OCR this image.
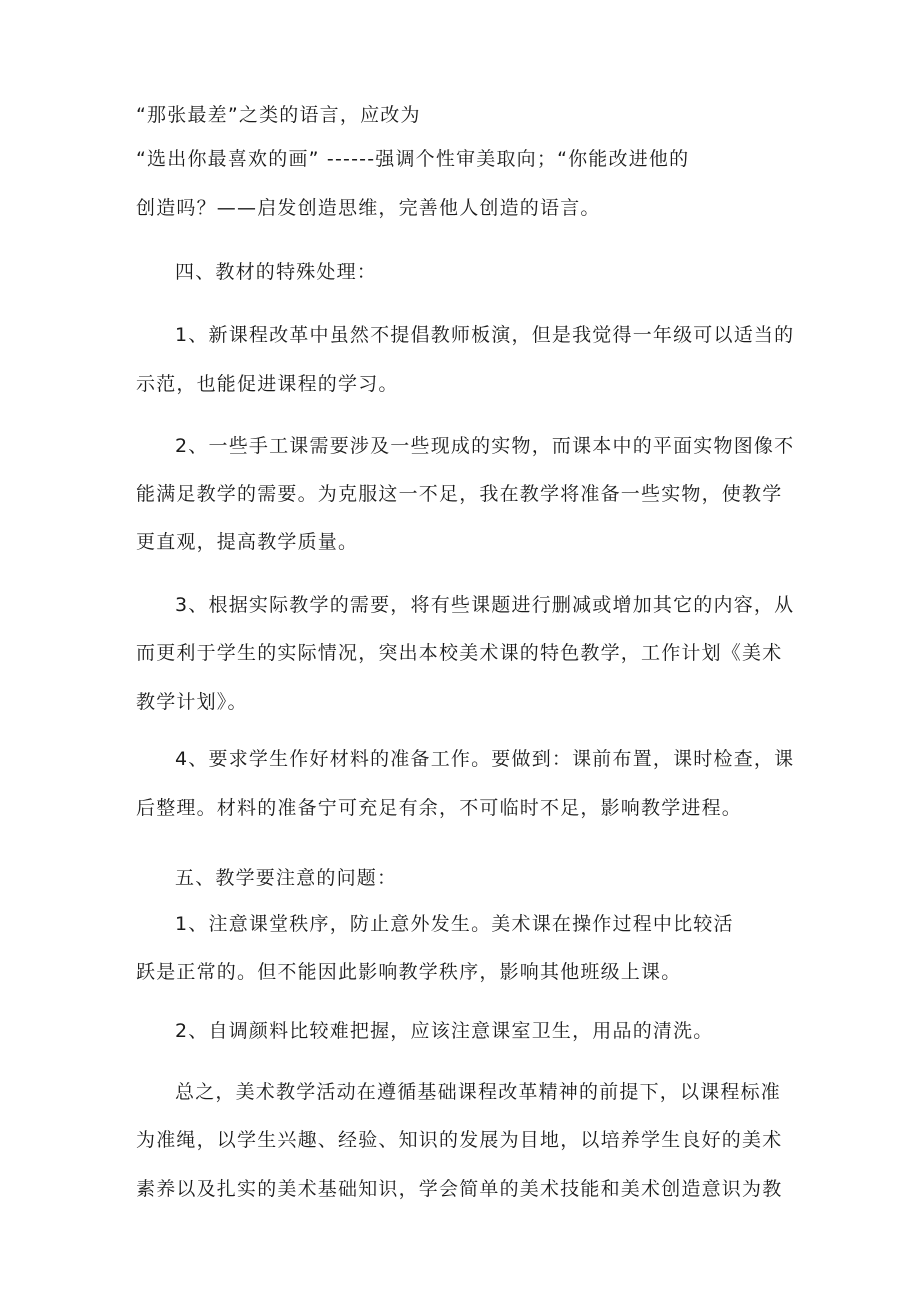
“那张最差”之类的语言，应改为
“选出你最喜欢的画” ------强调个性审美取向；“你能改进他的
创造吗？——启发创造思维，完善他人创造的语言。
四、教材的特殊处理：
1、新课程改革中虽然不提倡教师板演，但是我觉得一年级可以适当的
示范，也能促进课程的学习。
2、一些手工课需要涉及一些现成的实物，而课本中的平面实物图像不
能满足教学的需要。为克服这一不足，我在教学将准备一些实物，使教学
更直观，提高教学质量。
3、根据实际教学的需要，将有些课题进行删减或增加其它的内容，从
而更利于学生的实际情况，突出本校美术课的特色教学，工作计划《美术
教学计划》。
4、要求学生作好材料的准备工作。要做到：课前布置，课时检查，课
后整理。材料的准备宁可充足有余，不可临时不足，影响教学进程。
五、教学要注意的问题：
1、注意课堂秩序，防止意外发生。美术课在操作过程中比较活
跃是正常的。但不能因此影响教学秩序，影响其他班级上课。
2、自调颜料比较难把握，应该注意课室卫生，用品的清洗。
总之，美术教学活动在遵循基础课程改革精神的前提下，以课程标准
为准绳，以学生兴趣、经验、知识的发展为目地，以培养学生良好的美术
素养以及扎实的美术基础知识，学会简单的美术技能和美术创造意识为教
